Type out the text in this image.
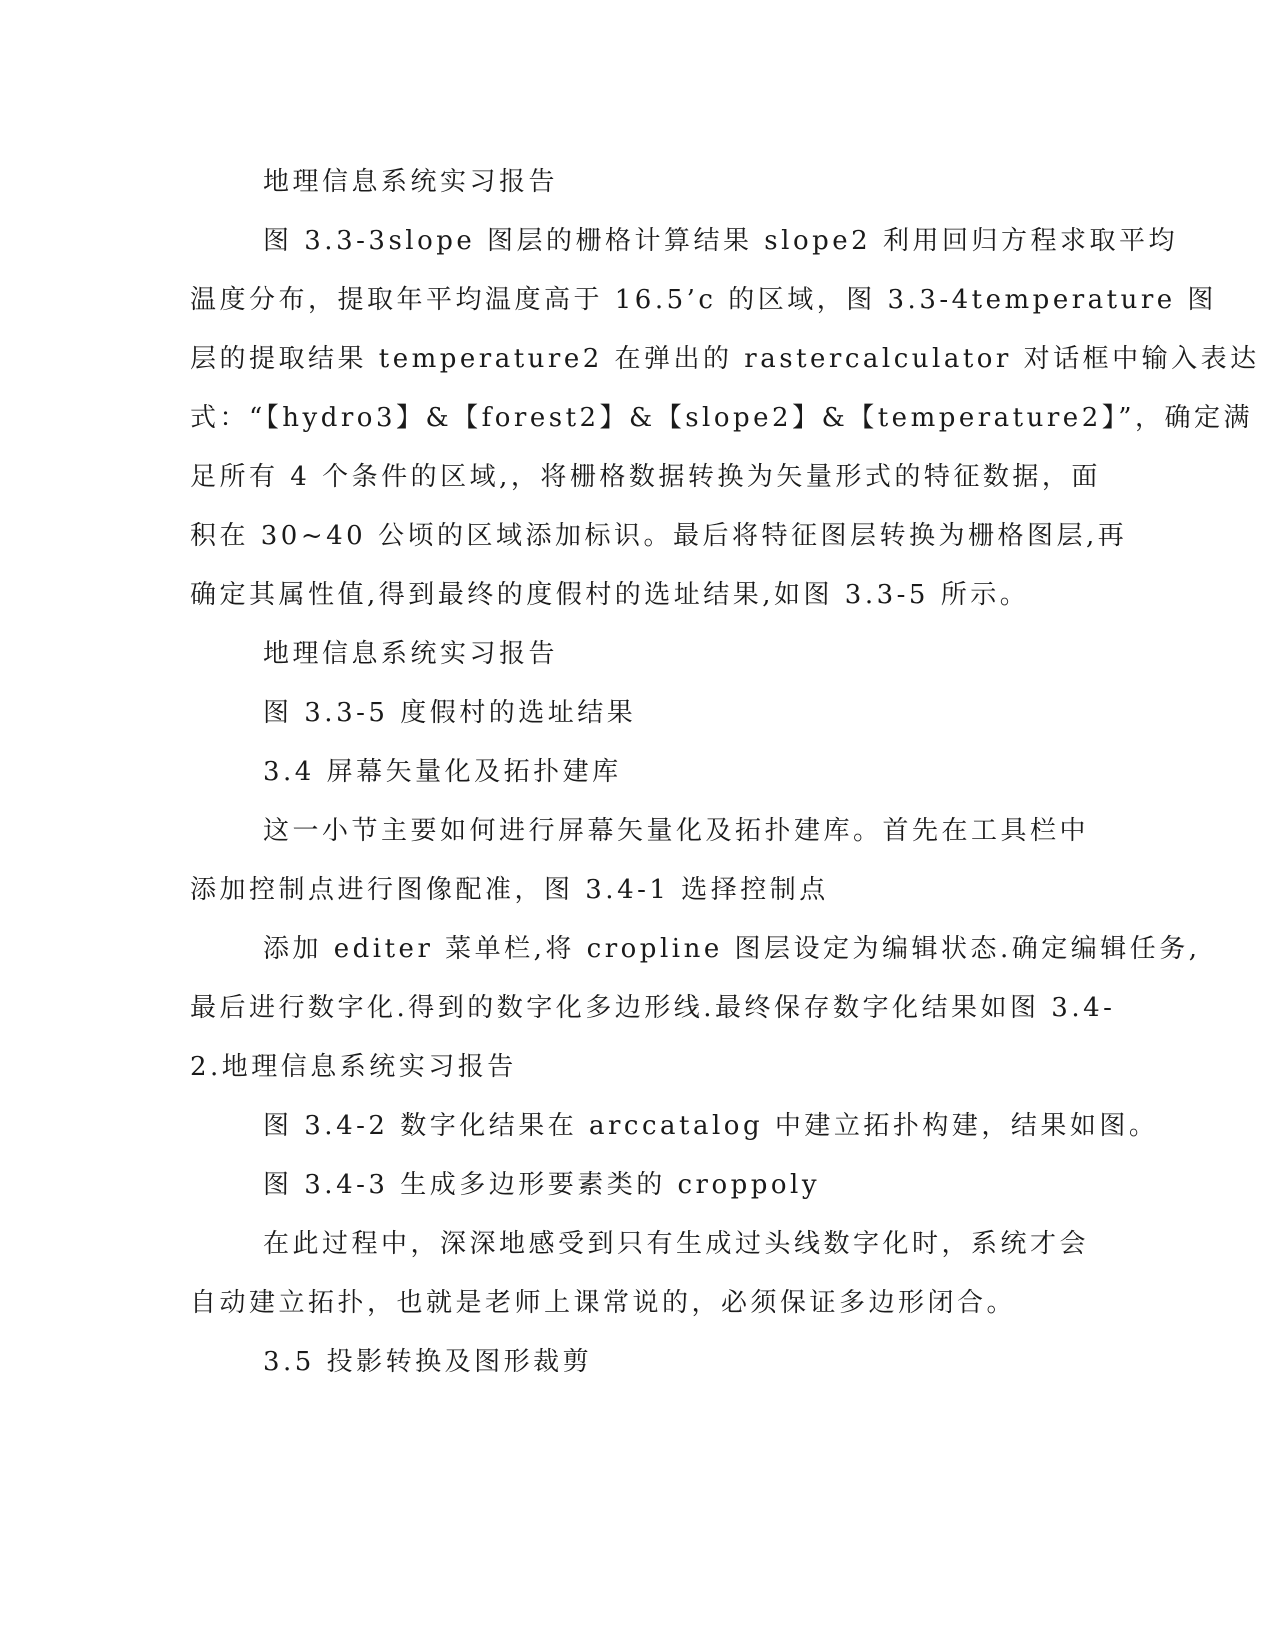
地理信息系统实习报告
图 3.3-3slope 图层的栅格计算结果 slope2 利用回归方程求取平均
温度分布，提取年平均温度高于 16.5’c 的区域，图 3.3-4temperature 图
层的提取结果 temperature2 在弹出的 rastercalculator 对话框中输入表达
式：“【hydro3】&【forest2】&【slope2】&【temperature2】”，确定满
足所有 4 个条件的区域,，将栅格数据转换为矢量形式的特征数据，面
积在 30~40 公顷的区域添加标识。最后将特征图层转换为栅格图层,再
确定其属性值,得到最终的度假村的选址结果,如图 3.3-5 所示。
地理信息系统实习报告
图 3.3-5 度假村的选址结果
3.4 屏幕矢量化及拓扑建库
这一小节主要如何进行屏幕矢量化及拓扑建库。首先在工具栏中
添加控制点进行图像配准，图 3.4-1 选择控制点
添加 editer 菜单栏,将 cropline 图层设定为编辑状态.确定编辑任务,
最后进行数字化.得到的数字化多边形线.最终保存数字化结果如图 3.4-
2.地理信息系统实习报告
图 3.4-2 数字化结果在 arccatalog 中建立拓扑构建，结果如图。
图 3.4-3 生成多边形要素类的 croppoly
在此过程中，深深地感受到只有生成过头线数字化时，系统才会
自动建立拓扑，也就是老师上课常说的，必须保证多边形闭合。
3.5 投影转换及图形裁剪
